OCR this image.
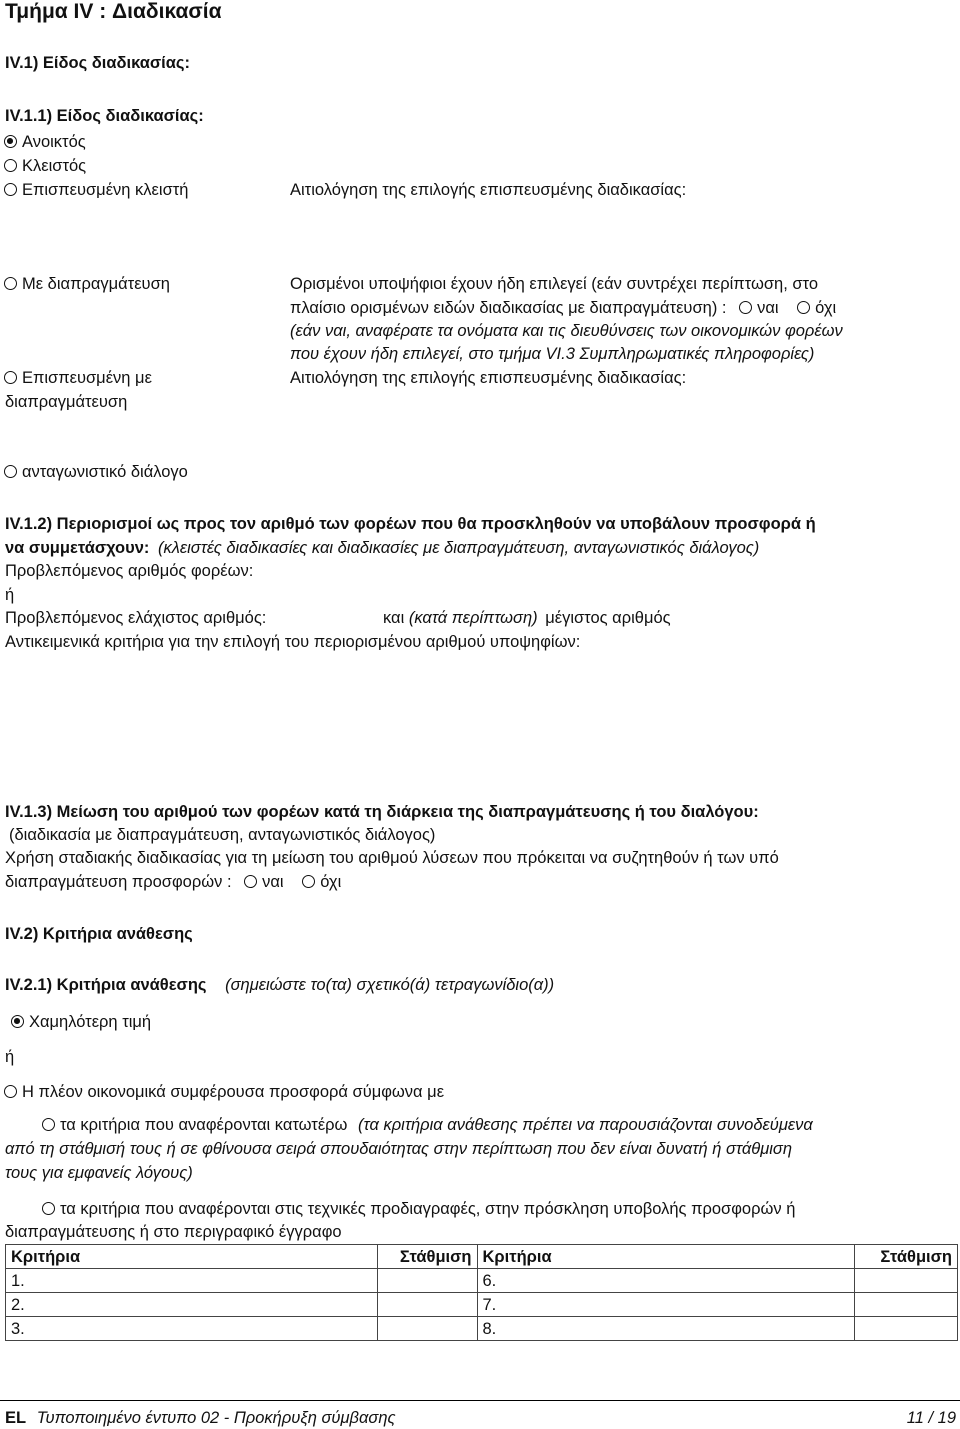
Τμήμα IV : Διαδικασία
IV.1) Είδος διαδικασίας:
IV.1.1) Είδος διαδικασίας:
Ανοικτός
Κλειστός
Επισπευσμένη κλειστή	Αιτιολόγηση της επιλογής επισπευσμένης διαδικασίας:
Με διαπραγμάτευση	Ορισμένοι υποψήφιοι έχουν ήδη επιλεγεί (εάν συντρέχει περίπτωση, στο
πλαίσιο ορισμένων ειδών διαδικασίας με διαπραγμάτευση) : ναι όχι
(εάν ναι, αναφέρατε τα ονόματα και τις διευθύνσεις των οικονομικών φορέων
που έχουν ήδη επιλεγεί, στο τμήμα VI.3 Συμπληρωματικές πληροφορίες)
Επισπευσμένη με	Αιτιολόγηση της επιλογής επισπευσμένης διαδικασίας:
διαπραγμάτευση
ανταγωνιστικό διάλογο
IV.1.2) Περιορισμοί ως προς τον αριθμό των φορέων που θα προσκληθούν να υποβάλουν προσφορά ή
να συμμετάσχουν: (κλειστές διαδικασίες και διαδικασίες με διαπραγμάτευση, ανταγωνιστικός διάλογος)
Προβλεπόμενος αριθμός φορέων:
ή
Προβλεπόμενος ελάχιστος αριθμός:	και (κατά περίπτωση) μέγιστος αριθμός
Αντικειμενικά κριτήρια για την επιλογή του περιορισμένου αριθμού υποψηφίων:
IV.1.3) Μείωση του αριθμού των φορέων κατά τη διάρκεια της διαπραγμάτευσης ή του διαλόγου:
(διαδικασία με διαπραγμάτευση, ανταγωνιστικός διάλογος)
Χρήση σταδιακής διαδικασίας για τη μείωση του αριθμού λύσεων που πρόκειται να συζητηθούν ή των υπό
διαπραγμάτευση προσφορών : ναι όχι
IV.2) Κριτήρια ανάθεσης
IV.2.1) Κριτήρια ανάθεσης (σημειώστε το(τα) σχετικό(ά) τετραγωνίδιο(α))
Χαμηλότερη τιμή
ή
Η πλέον οικονομικά συμφέρουσα προσφορά σύμφωνα με
τα κριτήρια που αναφέρονται κατωτέρω (τα κριτήρια ανάθεσης πρέπει να παρουσιάζονται συνοδεύμενα
από τη στάθμισή τους ή σε φθίνουσα σειρά σπουδαιότητας στην περίπτωση που δεν είναι δυνατή ή στάθμιση
τους για εμφανείς λόγους)
τα κριτήρια που αναφέρονται στις τεχνικές προδιαγραφές, στην πρόσκληση υποβολής προσφορών ή
διαπραγμάτευσης ή στο περιγραφικό έγγραφο
Κριτήρια	Στάθμιση	Κριτήρια	Στάθμιση
1.		6.	
2.		7.	
3.		8.	
EL Τυποποιημένο έντυπο 02 - Προκήρυξη σύμβασης	11 / 19
